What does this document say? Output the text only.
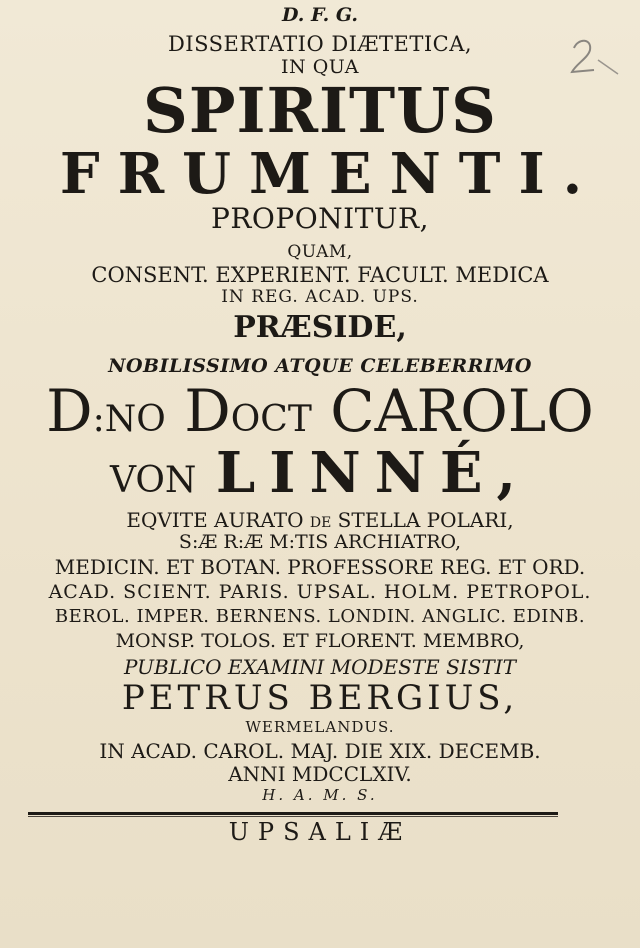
D. F. G.
DISSERTATIO DIÆTETICA,
IN QUA
SPIRITUS
FRUMENTI.
PROPONITUR,
QUAM,
CONSENT. EXPERIENT. FACULT. MEDICA
IN REG. ACAD. UPS.
PRÆSIDE,
NOBILISSIMO ATQUE CELEBERRIMO
D:NO DOCT CAROLO
VON LINNÉ,
EQVITE AURATO DE STELLA POLARI,
S:Æ R:Æ M:TIS ARCHIATRO,
MEDICIN. ET BOTAN. PROFESSORE REG. ET ORD.
ACAD. SCIENT. PARIS. UPSAL. HOLM. PETROPOL.
BEROL. IMPER. BERNENS. LONDIN. ANGLIC. EDINB.
MONSP. TOLOS. ET FLORENT. MEMBRO,
PUBLICO EXAMINI MODESTE SISTIT
PETRUS BERGIUS,
WERMELANDUS.
IN ACAD. CAROL. MAJ. DIE XIX. DECEMB.
ANNI MDCCLXIV.
H. A. M. S.
UPSALIÆ
